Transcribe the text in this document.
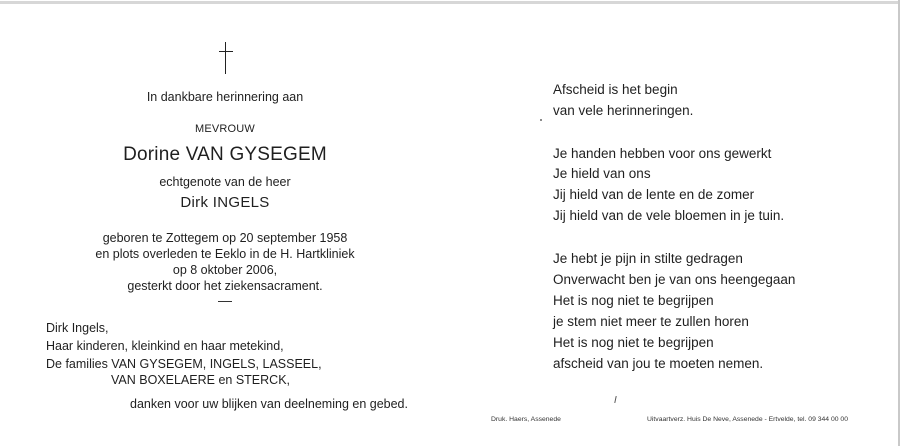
In dankbare herinnering aan
MEVROUW
Dorine VAN GYSEGEM
echtgenote van de heer
Dirk INGELS
geboren te Zottegem op 20 september 1958
en plots overleden te Eeklo in de H. Hartkliniek
op 8 oktober 2006,
gesterkt door het ziekensacrament.
Dirk Ingels,
Haar kinderen, kleinkind en haar metekind,
De families VAN GYSEGEM, INGELS, LASSEEL,
VAN BOXELAERE en STERCK,
danken voor uw blijken van deelneming en gebed.
Afscheid is het begin
van vele herinneringen.
Je handen hebben voor ons gewerkt
Je hield van ons
Jij hield van de lente en de zomer
Jij hield van de vele bloemen in je tuin.
Je hebt je pijn in stilte gedragen
Onverwacht ben je van ons heengegaan
Het is nog niet te begrijpen
je stem niet meer te zullen horen
Het is nog niet te begrijpen
afscheid van jou te moeten nemen.
Druk. Haers, Assenede	Uitvaartverz. Huis De Neve, Assenede - Ertvelde, tel. 09 344 00 00
